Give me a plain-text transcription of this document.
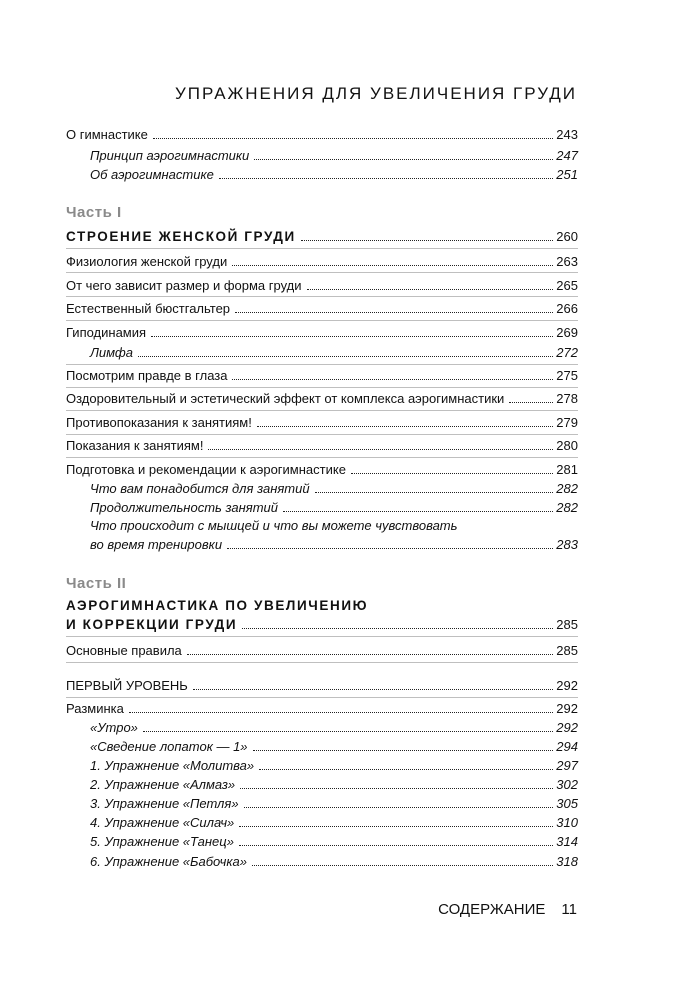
УПРАЖНЕНИЯ ДЛЯ УВЕЛИЧЕНИЯ ГРУДИ
О гимнастике	243
Принцип аэрогимнастики	247
Об аэрогимнастике	251
Часть I
СТРОЕНИЕ ЖЕНСКОЙ ГРУДИ	260
Физиология женской груди	263
От чего зависит размер и форма груди	265
Естественный бюстгальтер	266
Гиподинамия	269
Лимфа	272
Посмотрим правде в глаза	275
Оздоровительный и эстетический эффект от комплекса аэрогимнастики	278
Противопоказания к занятиям!	279
Показания к занятиям!	280
Подготовка и рекомендации к аэрогимнастике	281
Что вам понадобится для занятий	282
Продолжительность занятий	282
Что происходит с мышцей и что вы можете чувствовать
во время тренировки	283
Часть II
АЭРОГИМНАСТИКА ПО УВЕЛИЧЕНИЮ
И КОРРЕКЦИИ ГРУДИ	285
Основные правила	285
ПЕРВЫЙ УРОВЕНЬ	292
Разминка	292
«Утро»	292
«Сведение лопаток — 1»	294
1. Упражнение «Молитва»	297
2. Упражнение «Алмаз»	302
3. Упражнение «Петля»	305
4. Упражнение «Силач»	310
5. Упражнение «Танец»	314
6. Упражнение «Бабочка»	318
СОДЕРЖАНИЕ 11
